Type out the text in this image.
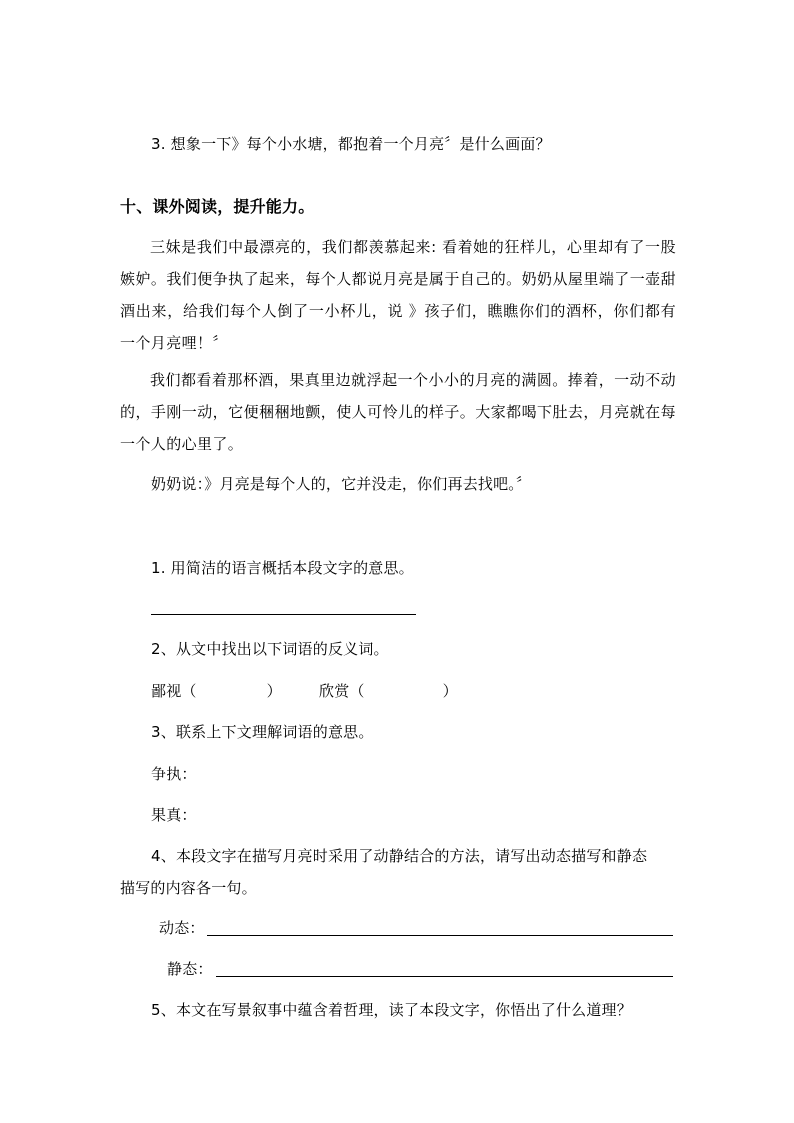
3. 想象一下》每个小水塘，都抱着一个月亮〞是什么画面？
十、课外阅读，提升能力。
三妹是我们中最漂亮的，我们都羡慕起来: 看着她的狂样儿，心里却有了一股嫉妒。我们便争执了起来，每个人都说月亮是属于自己的。奶奶从屋里端了一壶甜酒出来，给我们每个人倒了一小杯儿，说 》孩子们，瞧瞧你们的酒杯，你们都有一个月亮哩！〞
我们都看着那杯酒，果真里边就浮起一个小小的月亮的满圆。捧着，一动不动的，手刚一动，它便稇稇地颤，使人可怜儿的样子。大家都喝下肚去，月亮就在每一个人的心里了。
奶奶说：》月亮是每个人的，它并没走，你们再去找吧。〞
1. 用简洁的语言概括本段文字的意思。
2、从文中找出以下词语的反义词。
鄙视（	） 欣赏（	）
3、联系上下文理解词语的意思。
争执：
果真：
4、本段文字在描写月亮时采用了动静结合的方法，请写出动态描写和静态
描写的内容各一句。
动态：
静态：
5、本文在写景叙事中蕴含着哲理，读了本段文字，你悟出了什么道理？
